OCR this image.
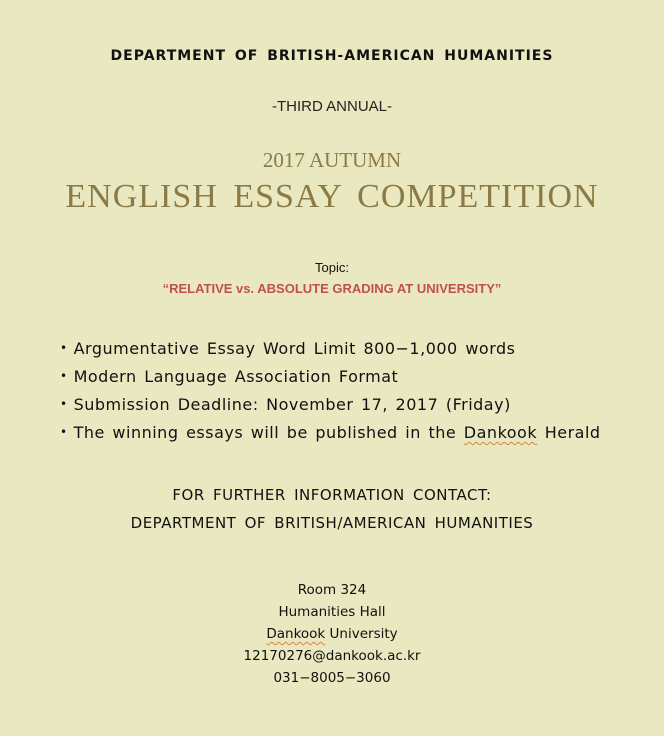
DEPARTMENT OF BRITISH-AMERICAN HUMANITIES
-THIRD ANNUAL-
2017 AUTUMN
ENGLISH ESSAY COMPETITION
Topic:
“RELATIVE vs. ABSOLUTE GRADING AT UNIVERSITY”
• Argumentative Essay Word Limit 800−1,000 words
• Modern Language Association Format
• Submission Deadline: November 17, 2017 (Friday)
• The winning essays will be published in the Dankook Herald
FOR FURTHER INFORMATION CONTACT:
DEPARTMENT OF BRITISH/AMERICAN HUMANITIES
Room 324
Humanities Hall
Dankook University
12170276@dankook.ac.kr
031−8005−3060
